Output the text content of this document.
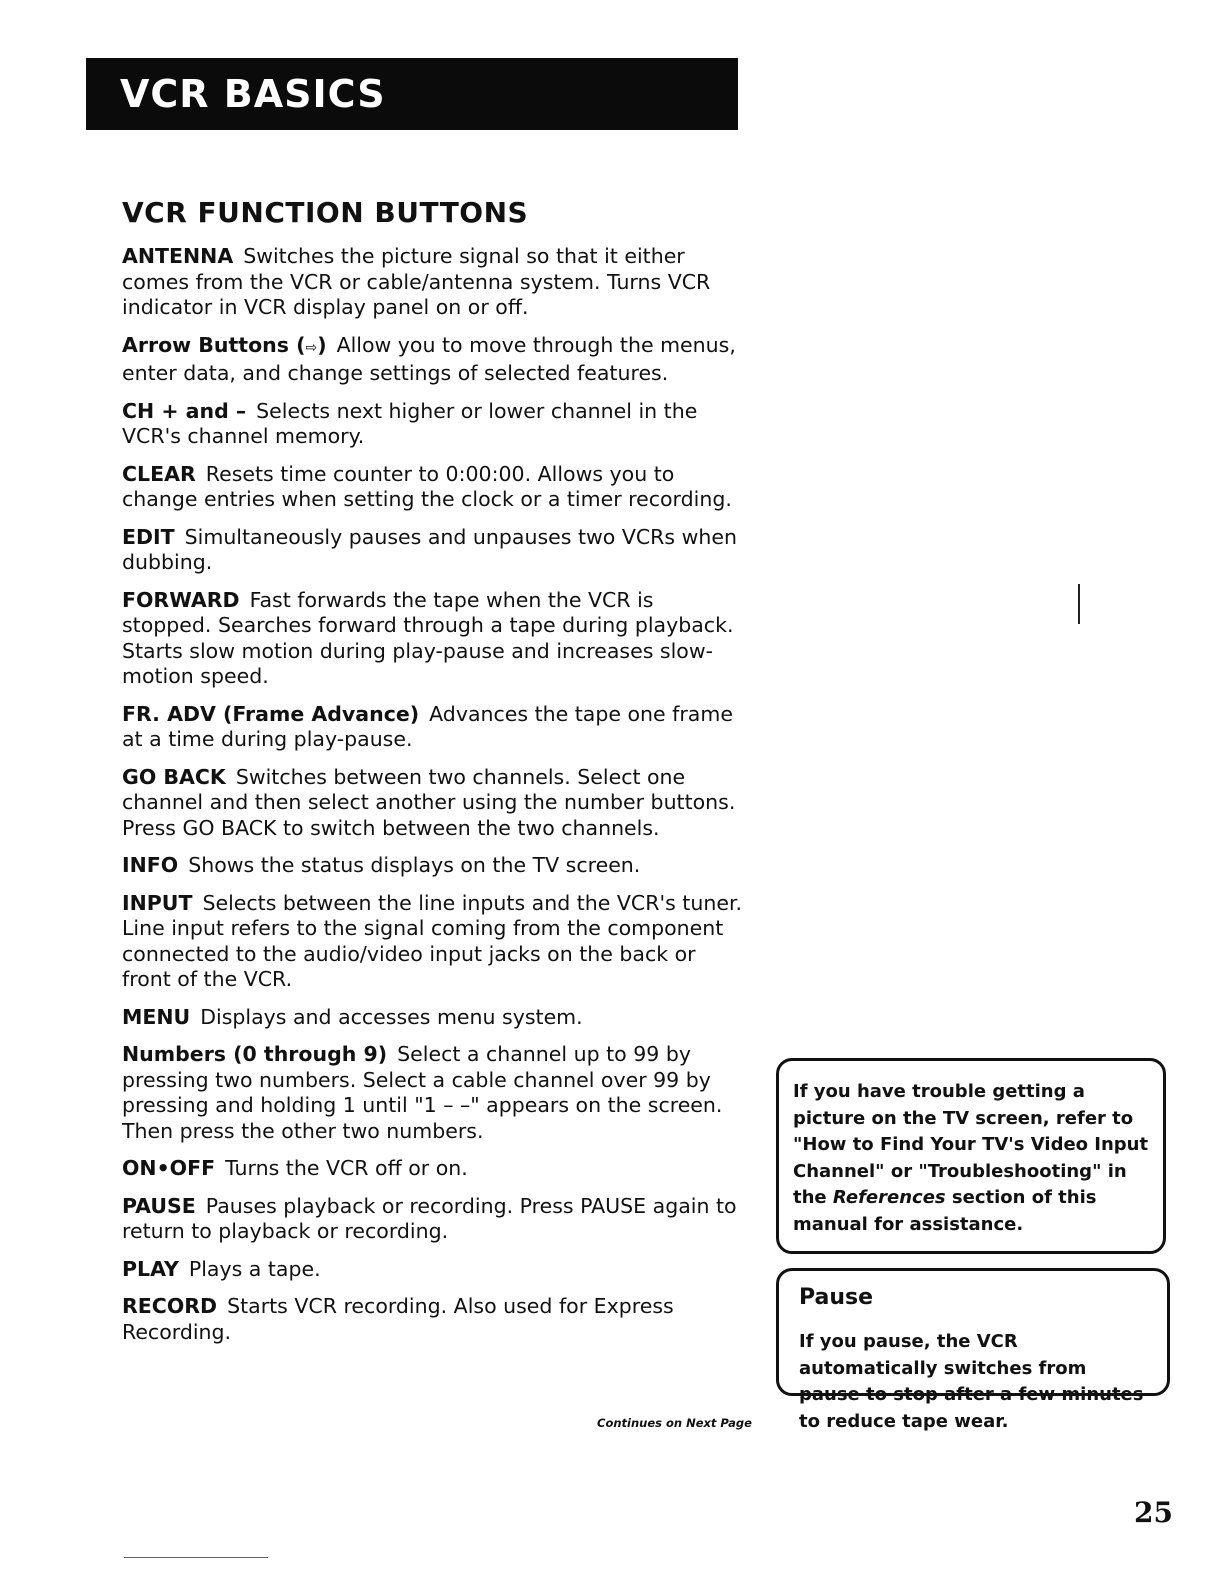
VCR BASICS
VCR FUNCTION BUTTONS

ANTENNA Switches the picture signal so that it either comes from the VCR or cable/antenna system. Turns VCR indicator in VCR display panel on or off.

Arrow Buttons (⇨) Allow you to move through the menus, enter data, and change settings of selected features.

CH + and – Selects next higher or lower channel in the VCR's channel memory.

CLEAR Resets time counter to 0:00:00. Allows you to change entries when setting the clock or a timer recording.

EDIT Simultaneously pauses and unpauses two VCRs when dubbing.

FORWARD Fast forwards the tape when the VCR is stopped. Searches forward through a tape during playback. Starts slow motion during play-pause and increases slow-motion speed.

FR. ADV (Frame Advance) Advances the tape one frame at a time during play-pause.

GO BACK Switches between two channels. Select one channel and then select another using the number buttons. Press GO BACK to switch between the two channels.

INFO Shows the status displays on the TV screen.

INPUT Selects between the line inputs and the VCR's tuner. Line input refers to the signal coming from the component connected to the audio/video input jacks on the back or front of the VCR.

MENU Displays and accesses menu system.

Numbers (0 through 9) Select a channel up to 99 by pressing two numbers. Select a cable channel over 99 by pressing and holding 1 until "1 – –" appears on the screen. Then press the other two numbers.

ON•OFF Turns the VCR off or on.

PAUSE Pauses playback or recording. Press PAUSE again to return to playback or recording.

PLAY Plays a tape.

RECORD Starts VCR recording. Also used for Express Recording.

Continues on Next Page
If you have trouble getting a picture on the TV screen, refer to "How to Find Your TV's Video Input Channel" or "Troubleshooting" in the References section of this manual for assistance.
Pause
If you pause, the VCR automatically switches from pause to stop after a few minutes to reduce tape wear.
25
